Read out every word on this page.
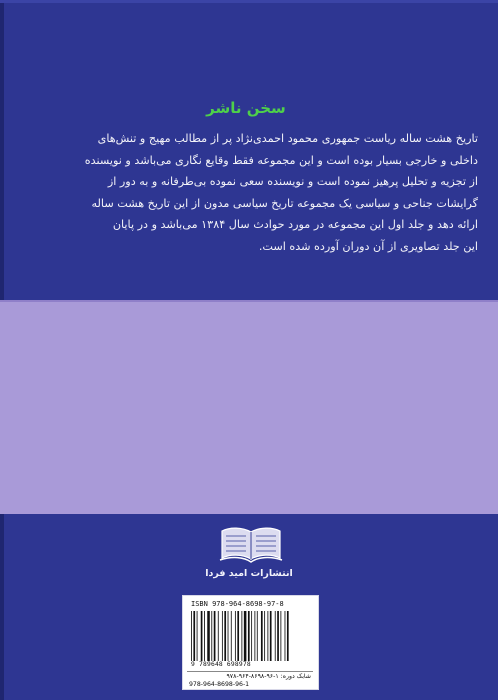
سخن ناشر

تاریخ هشت ساله ریاست جمهوری محمود احمدی‌نژاد پر از مطالب مهیج و تنش‌های

داخلی و خارجی بسیار بوده است و این مجموعه فقط وقایع نگاری می‌باشد و نویسنده

از تجزیه و تحلیل پرهیز نموده است و نویسنده سعی نموده بی‌طرفانه و به دور از

گرایشات جناحی و سیاسی یک مجموعه تاریخ سیاسی مدون از این تاریخ هشت ساله

ارائه دهد و جلد اول این مجموعه در مورد حوادث سال ۱۳۸۴ می‌باشد و در پایان

این جلد تصاویری از آن دوران آورده شده است.

انتشارات امید فردا
ISBN 978-964-8698-97-8
9 789648 698978
شابک دوره: ۱-۹۶-۸۶۹۸-۹۶۴-۹۷۸
978-964-8698-96-1
